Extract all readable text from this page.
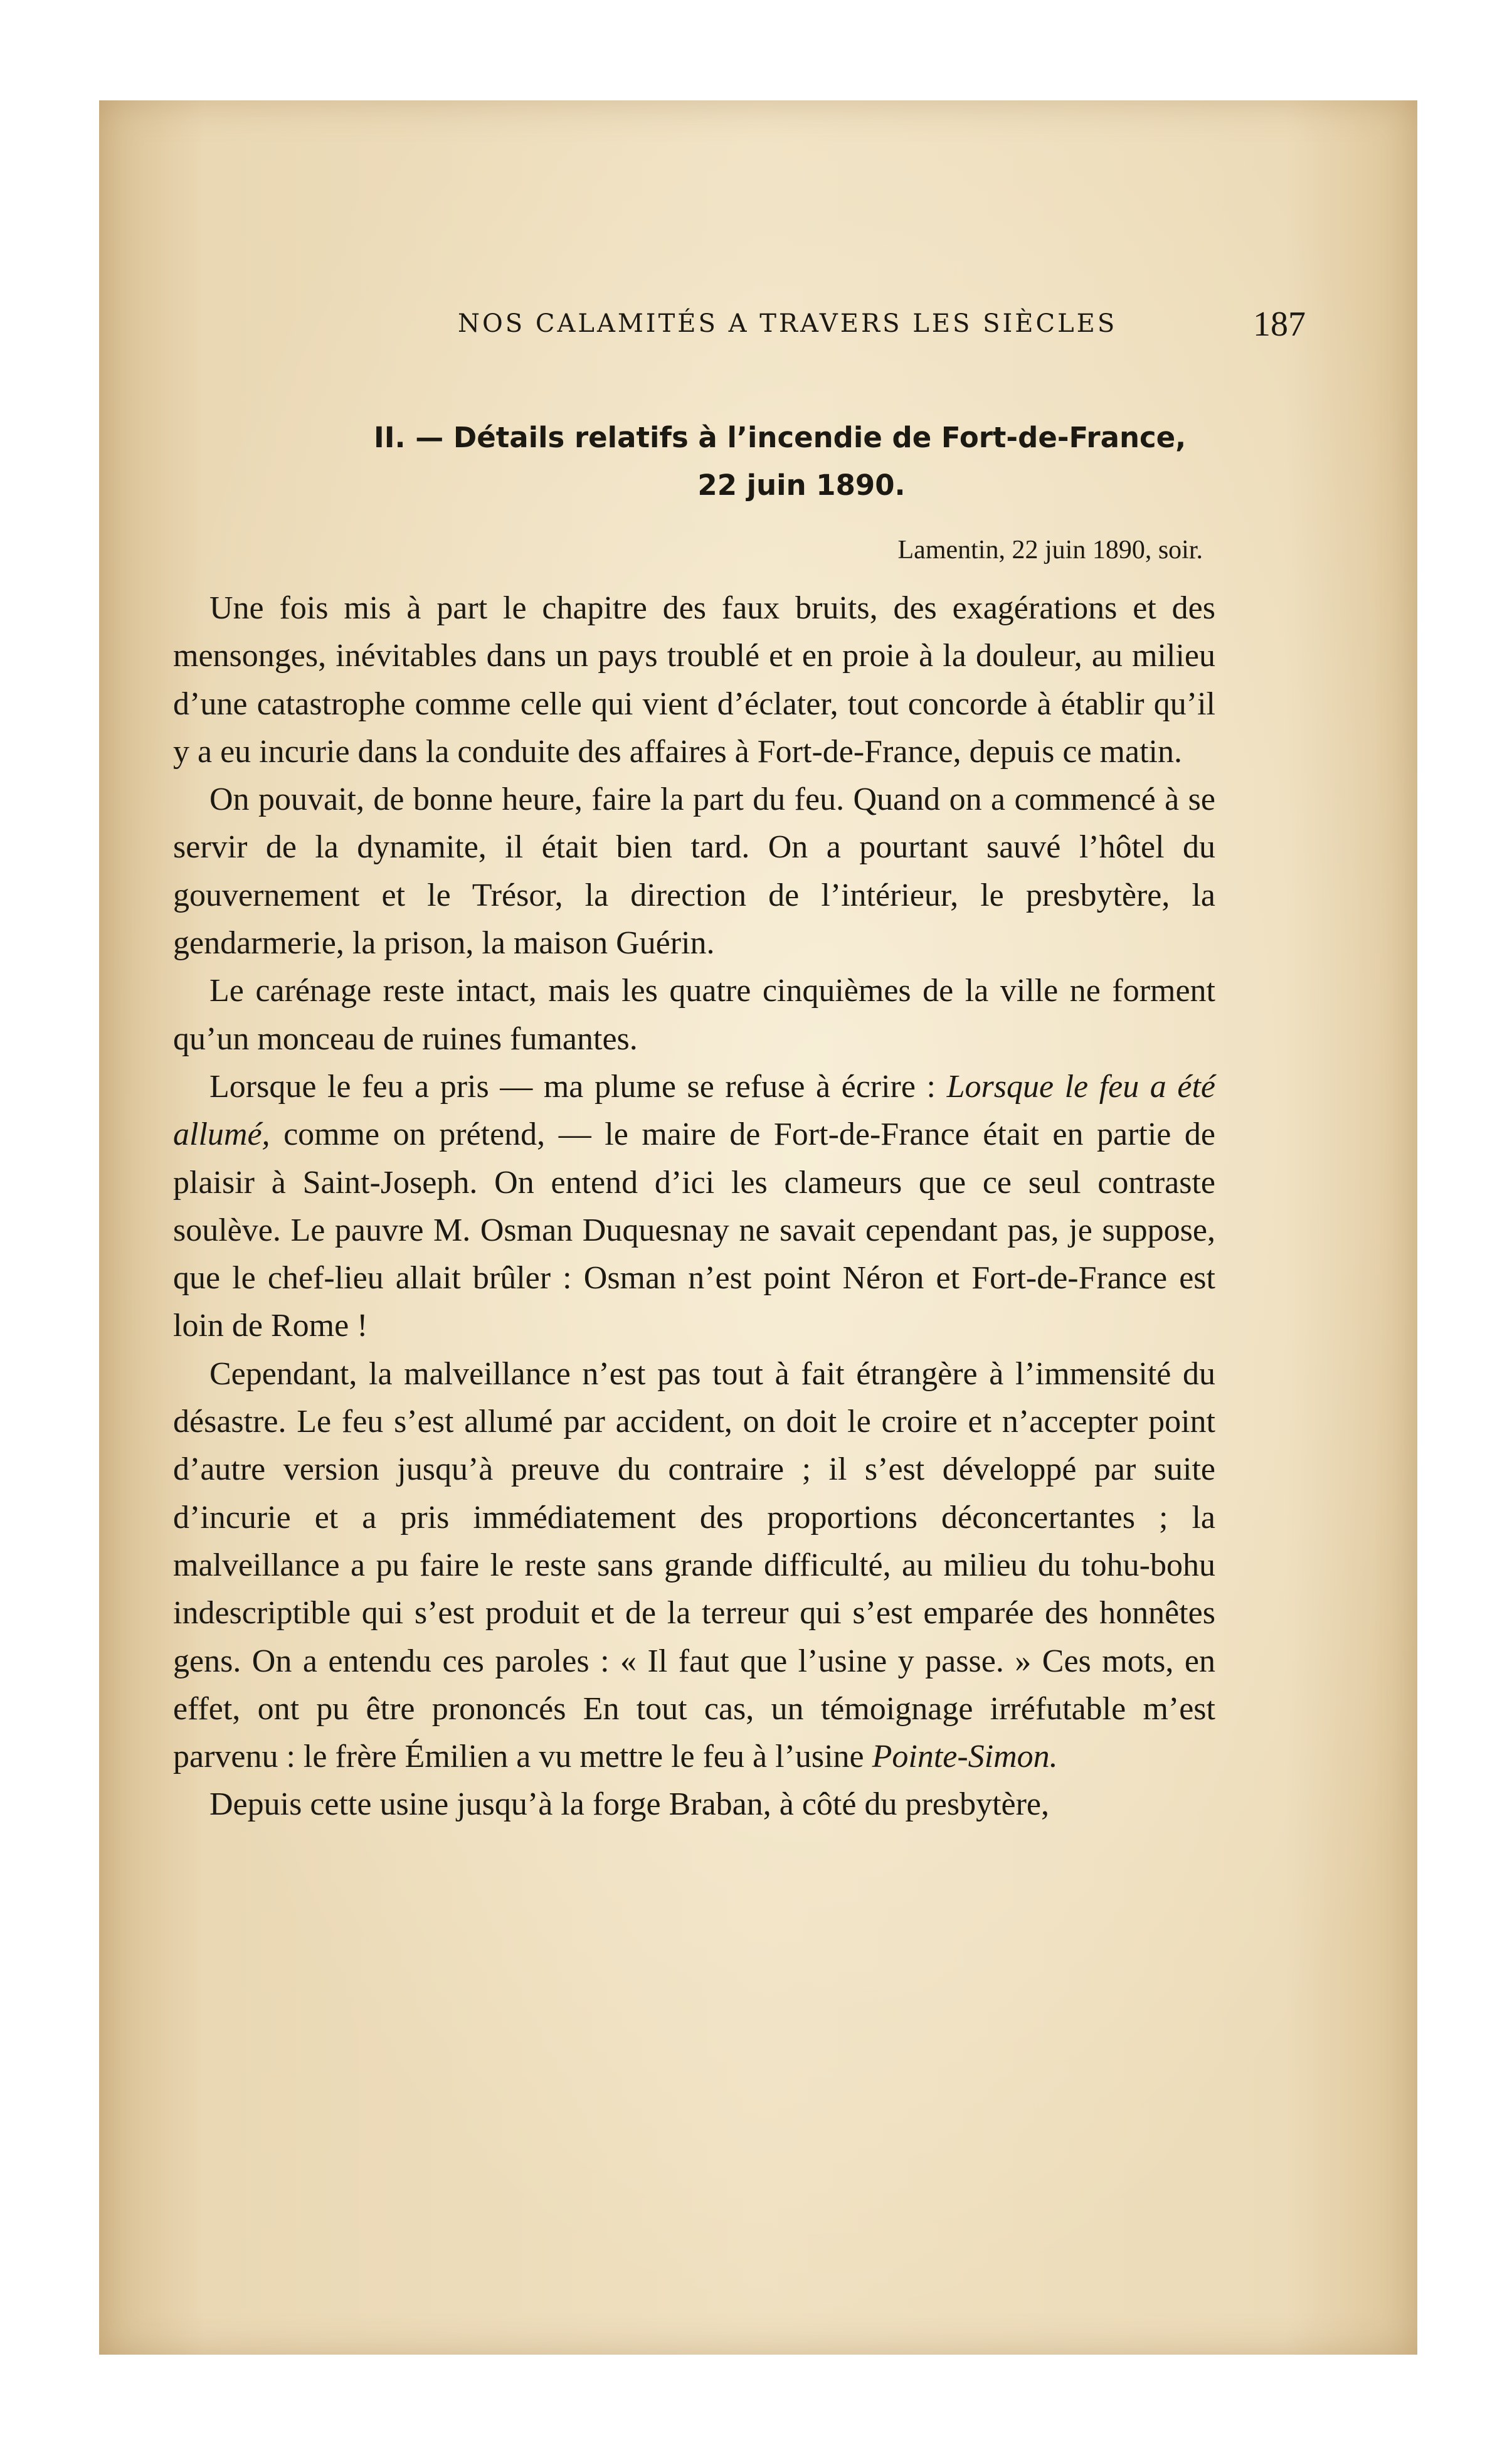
NOS CALAMITÉS A TRAVERS LES SIÈCLES	187
II. — Détails relatifs à l’incendie de Fort-de-France,
22 juin 1890.
Lamentin, 22 juin 1890, soir.

Une fois mis à part le chapitre des faux bruits, des exagérations et des mensonges, inévitables dans un pays troublé et en proie à la douleur, au milieu d’une catastrophe comme celle qui vient d’éclater, tout concorde à établir qu’il y a eu incurie dans la conduite des affaires à Fort-de-France, depuis ce matin.

On pouvait, de bonne heure, faire la part du feu. Quand on a commencé à se servir de la dynamite, il était bien tard. On a pourtant sauvé l’hôtel du gouvernement et le Trésor, la direction de l’intérieur, le presbytère, la gendarmerie, la prison, la maison Guérin.

Le carénage reste intact, mais les quatre cinquièmes de la ville ne forment qu’un monceau de ruines fumantes.

Lorsque le feu a pris — ma plume se refuse à écrire : Lorsque le feu a été allumé, comme on prétend, — le maire de Fort-de-France était en partie de plaisir à Saint-Joseph. On entend d’ici les clameurs que ce seul contraste soulève. Le pauvre M. Osman Duquesnay ne savait cependant pas, je suppose, que le chef-lieu allait brûler : Osman n’est point Néron et Fort-de-France est loin de Rome !

Cependant, la malveillance n’est pas tout à fait étrangère à l’immensité du désastre. Le feu s’est allumé par accident, on doit le croire et n’accepter point d’autre version jusqu’à preuve du contraire ; il s’est développé par suite d’incurie et a pris immédiatement des proportions déconcertantes ; la malveillance a pu faire le reste sans grande difficulté, au milieu du tohu-bohu indescriptible qui s’est produit et de la terreur qui s’est emparée des honnêtes gens. On a entendu ces paroles : « Il faut que l’usine y passe. » Ces mots, en effet, ont pu être prononcés En tout cas, un témoignage irréfutable m’est parvenu : le frère Émilien a vu mettre le feu à l’usine Pointe-Simon.

Depuis cette usine jusqu’à la forge Braban, à côté du presbytère,
